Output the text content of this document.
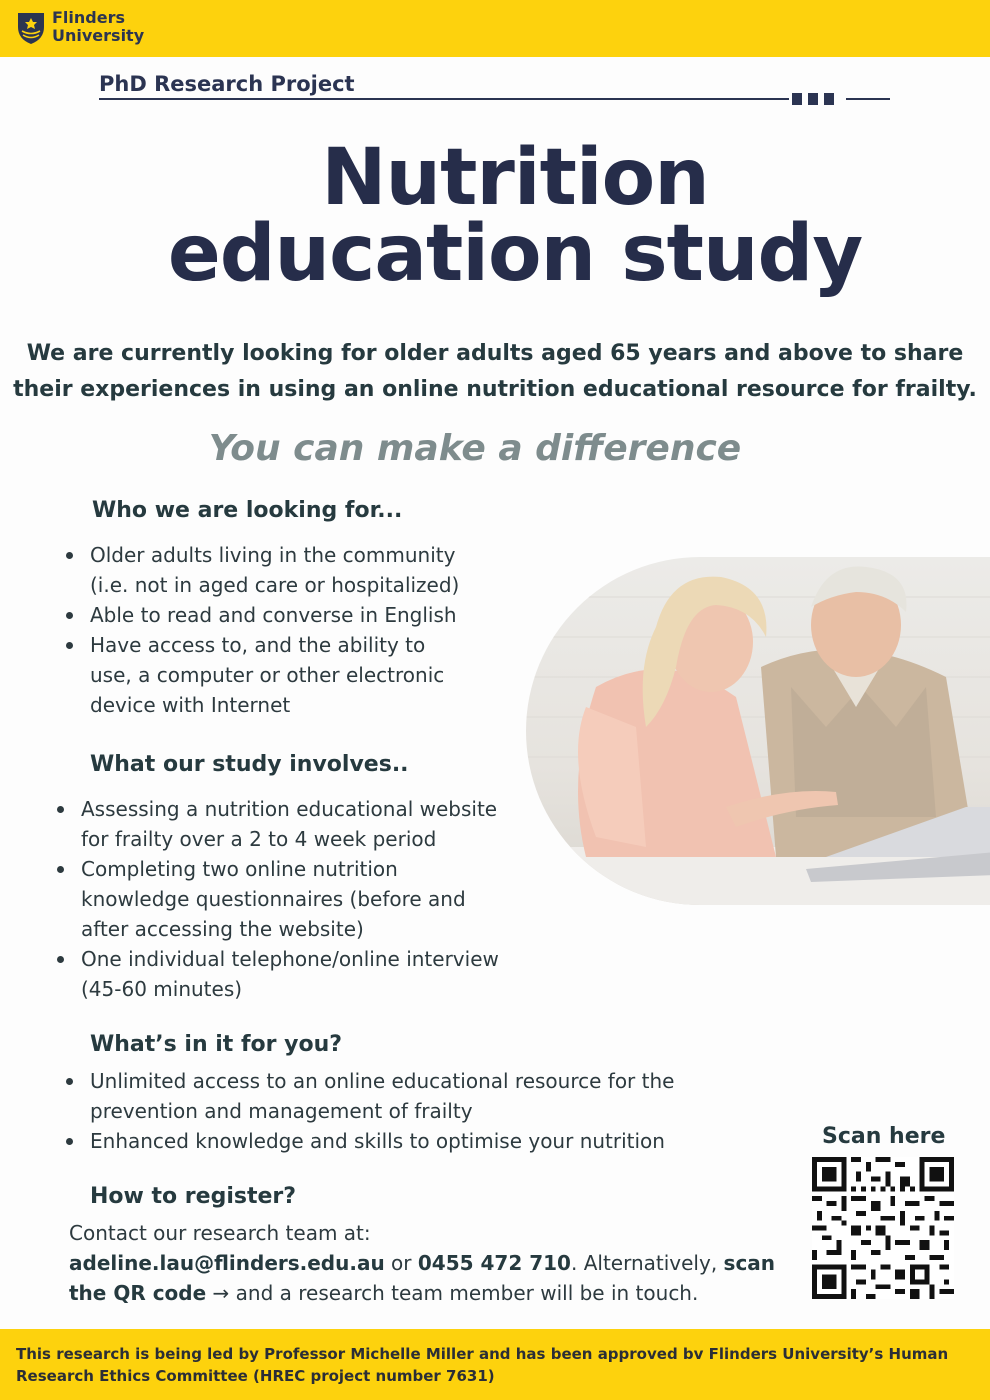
Flinders
University
PhD Research Project
Nutrition
education study
We are currently looking for older adults aged 65 years and above to share
their experiences in using an online nutrition educational resource for frailty.
You can make a difference
Who we are looking for...
Older adults living in the community
(i.e. not in aged care or hospitalized)
Able to read and converse in English
Have access to, and the ability to
use, a computer or other electronic
device with Internet
What our study involves..
Assessing a nutrition educational website
for frailty over a 2 to 4 week period
Completing two online nutrition
knowledge questionnaires (before and
after accessing the website)
One individual telephone/online interview
(45-60 minutes)
What’s in it for you?
Unlimited access to an online educational resource for the
prevention and management of frailty
Enhanced knowledge and skills to optimise your nutrition
How to register?
Contact our research team at:
adeline.lau@flinders.edu.au or 0455 472 710. Alternatively, scan
the QR code → and a research team member will be in touch.
Scan here
This research is being led by Professor Michelle Miller and has been approved bv Flinders University’s Human
Research Ethics Committee (HREC project number 7631)
